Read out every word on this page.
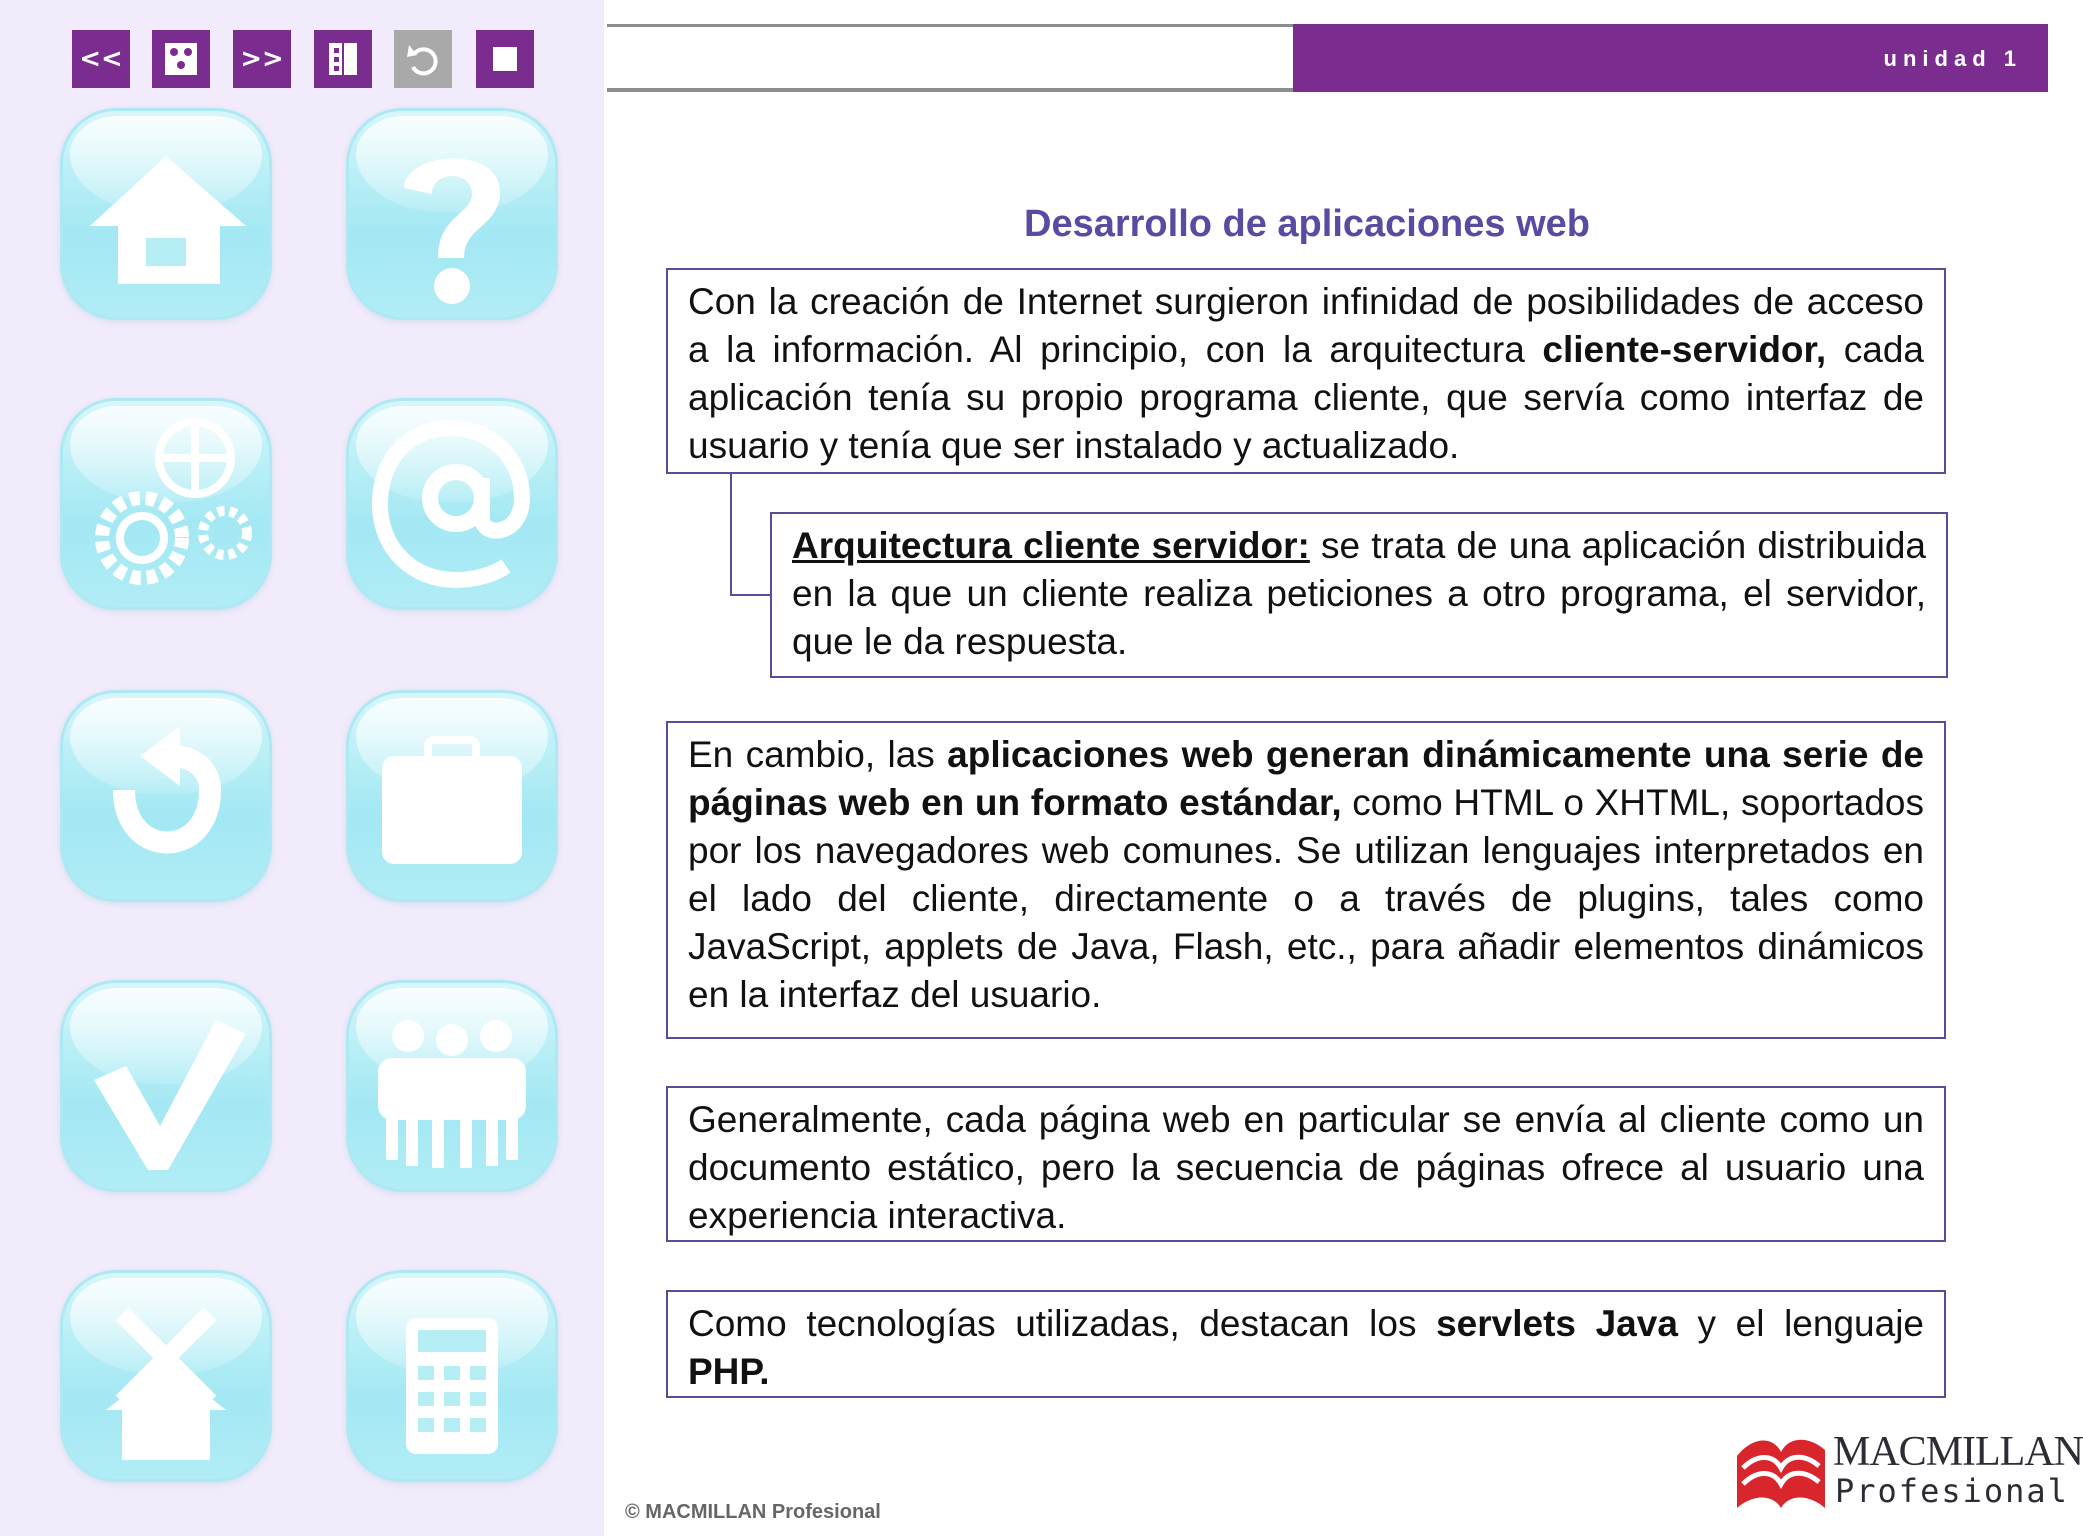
<<	>>	unidad 1
Desarrollo de aplicaciones web
Con la creación de Internet surgieron infinidad de posibilidades de acceso a la información. Al principio, con la arquitectura cliente-servidor, cada aplicación tenía su propio programa cliente, que servía como interfaz de usuario y tenía que ser instalado y actualizado.
Arquitectura cliente servidor: se trata de una aplicación distribuida en la que un cliente realiza peticiones a otro programa, el servidor, que le da respuesta.
En cambio, las aplicaciones web generan dinámicamente una serie de páginas web en un formato estándar, como HTML o XHTML, soportados por los navegadores web comunes. Se utilizan lenguajes interpretados en el lado del cliente, directamente o a través de plugins, tales como JavaScript, applets de Java, Flash, etc., para añadir elementos dinámicos en la interfaz del usuario.
Generalmente, cada página web en particular se envía al cliente como un documento estático, pero la secuencia de páginas ofrece al usuario una experiencia interactiva.
Como tecnologías utilizadas, destacan los servlets Java y el lenguaje PHP.
© MACMILLAN Profesional
MACMILLAN
Profesional
